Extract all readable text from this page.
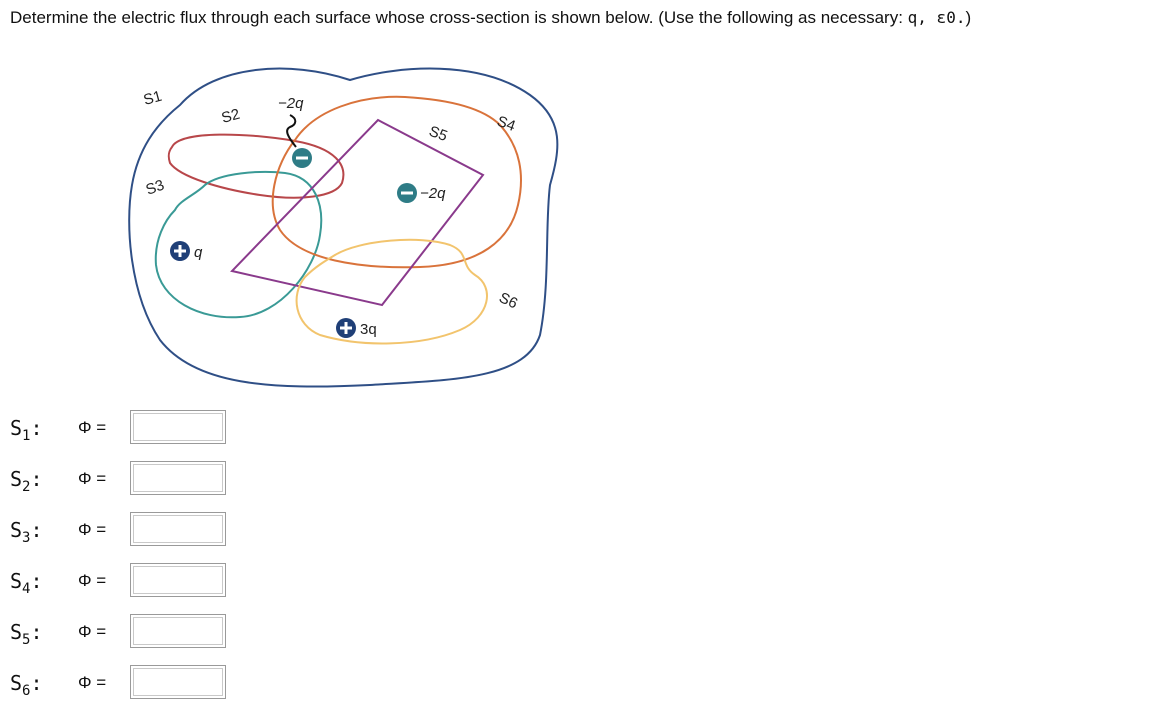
Determine the electric flux through each surface whose cross-section is shown below. (Use the following as necessary: q, ε0.)
S1
S2
S3
S4
S5
S6
−2q
−2q
q
3q
$S_1$: Φ =
$S_2$: Φ =
$S_3$: Φ =
$S_4$: Φ =
$S_5$: Φ =
$S_6$: Φ =
